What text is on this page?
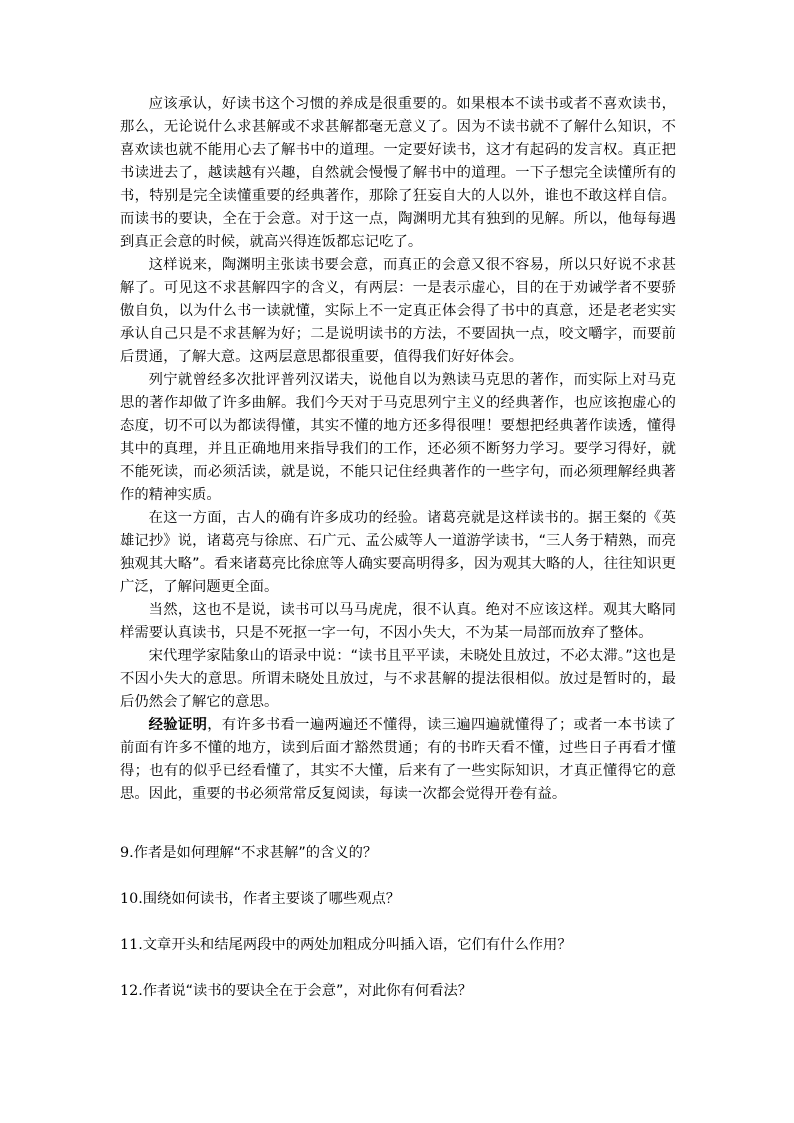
应该承认，好读书这个习惯的养成是很重要的。如果根本不读书或者不喜欢读书，那么，无论说什么求甚解或不求甚解都毫无意义了。因为不读书就不了解什么知识，不喜欢读也就不能用心去了解书中的道理。一定要好读书，这才有起码的发言权。真正把书读进去了，越读越有兴趣，自然就会慢慢了解书中的道理。一下子想完全读懂所有的书，特别是完全读懂重要的经典著作，那除了狂妄自大的人以外，谁也不敢这样自信。而读书的要诀，全在于会意。对于这一点，陶渊明尤其有独到的见解。所以，他每每遇到真正会意的时候，就高兴得连饭都忘记吃了。

这样说来，陶渊明主张读书要会意，而真正的会意又很不容易，所以只好说不求甚解了。可见这不求甚解四字的含义，有两层：一是表示虚心，目的在于劝诫学者不要骄傲自负，以为什么书一读就懂，实际上不一定真正体会得了书中的真意，还是老老实实承认自己只是不求甚解为好；二是说明读书的方法，不要固执一点，咬文嚼字，而要前后贯通，了解大意。这两层意思都很重要，值得我们好好体会。

列宁就曾经多次批评普列汉诺夫，说他自以为熟读马克思的著作，而实际上对马克思的著作却做了许多曲解。我们今天对于马克思列宁主义的经典著作，也应该抱虚心的态度，切不可以为都读得懂，其实不懂的地方还多得很哩！要想把经典著作读透，懂得其中的真理，并且正确地用来指导我们的工作，还必须不断努力学习。要学习得好，就不能死读，而必须活读，就是说，不能只记住经典著作的一些字句，而必须理解经典著作的精神实质。

在这一方面，古人的确有许多成功的经验。诸葛亮就是这样读书的。据王粲的《英雄记抄》说，诸葛亮与徐庶、石广元、孟公威等人一道游学读书，“三人务于精熟，而亮独观其大略”。看来诸葛亮比徐庶等人确实要高明得多，因为观其大略的人，往往知识更广泛，了解问题更全面。

当然，这也不是说，读书可以马马虎虎，很不认真。绝对不应该这样。观其大略同样需要认真读书，只是不死抠一字一句，不因小失大，不为某一局部而放弃了整体。

宋代理学家陆象山的语录中说：“读书且平平读，未晓处且放过，不必太滞。”这也是不因小失大的意思。所谓未晓处且放过，与不求甚解的提法很相似。放过是暂时的，最后仍然会了解它的意思。

经验证明，有许多书看一遍两遍还不懂得，读三遍四遍就懂得了；或者一本书读了前面有许多不懂的地方，读到后面才豁然贯通；有的书昨天看不懂，过些日子再看才懂得；也有的似乎已经看懂了，其实不大懂，后来有了一些实际知识，才真正懂得它的意思。因此，重要的书必须常常反复阅读，每读一次都会觉得开卷有益。

9.作者是如何理解“不求甚解”的含义的？

10.围绕如何读书，作者主要谈了哪些观点？

11.文章开头和结尾两段中的两处加粗成分叫插入语，它们有什么作用？

12.作者说“读书的要诀全在于会意”，对此你有何看法？
